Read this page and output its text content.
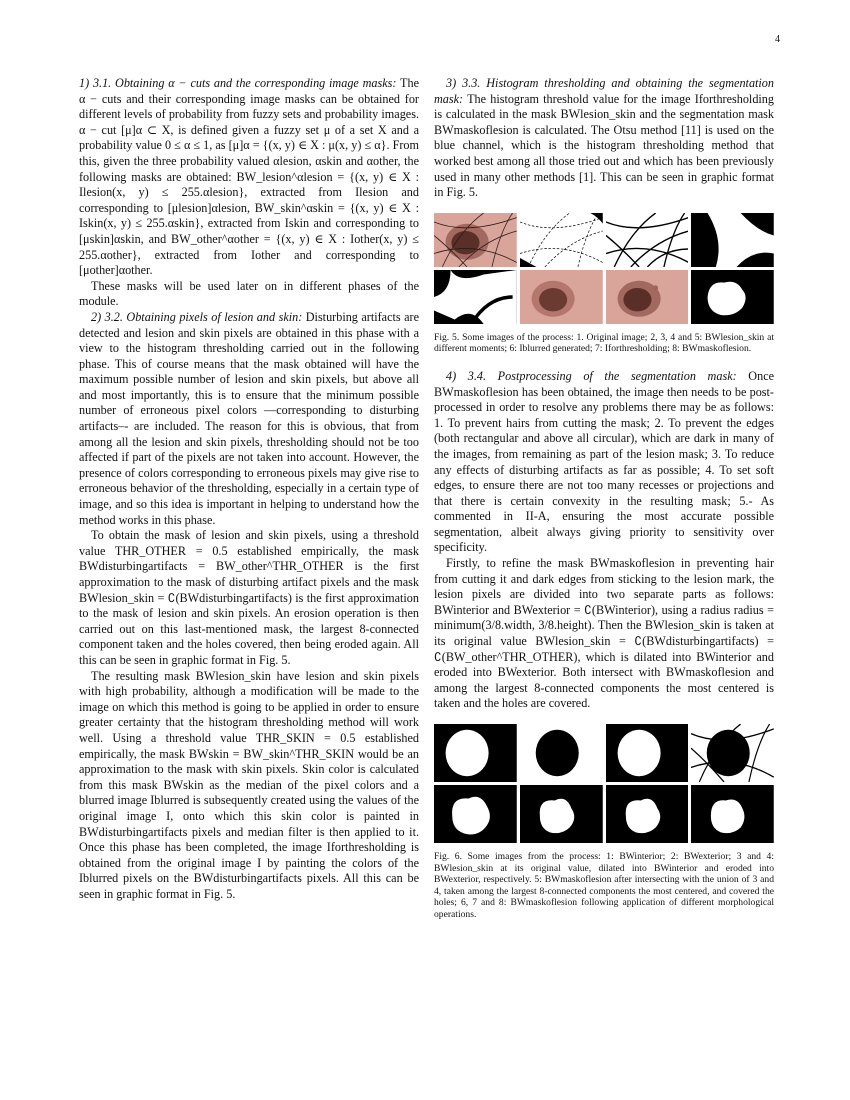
4

1) 3.1. Obtaining α − cuts and the corresponding image masks: The α − cuts and their corresponding image masks can be obtained for different levels of probability from fuzzy sets and probability images. α − cut [μ]α ⊂ X, is defined given a fuzzy set μ of a set X and a probability value 0 ≤ α ≤ 1, as [μ]α = {(x, y) ∈ X : μ(x, y) ≤ α}. From this, given the three probability valued αlesion, αskin and αother, the following masks are obtained: BW_lesion^αlesion = {(x, y) ∈ X : Ilesion(x, y) ≤ 255.αlesion}, extracted from Ilesion and corresponding to [μlesion]αlesion, BW_skin^αskin = {(x, y) ∈ X : Iskin(x, y) ≤ 255.αskin}, extracted from Iskin and corresponding to [μskin]αskin, and BW_other^αother = {(x, y) ∈ X : Iother(x, y) ≤ 255.αother}, extracted from Iother and corresponding to [μother]αother.

These masks will be used later on in different phases of the module.

2) 3.2. Obtaining pixels of lesion and skin: Disturbing artifacts are detected and lesion and skin pixels are obtained in this phase with a view to the histogram thresholding carried out in the following phase. This of course means that the mask obtained will have the maximum possible number of lesion and skin pixels, but above all and most importantly, this is to ensure that the minimum possible number of erroneous pixel colors —corresponding to disturbing artifacts–- are included. The reason for this is obvious, that from among all the lesion and skin pixels, thresholding should not be too affected if part of the pixels are not taken into account. However, the presence of colors corresponding to erroneous pixels may give rise to erroneous behavior of the thresholding, especially in a certain type of image, and so this idea is important in helping to understand how the method works in this phase.

To obtain the mask of lesion and skin pixels, using a threshold value THR_OTHER = 0.5 established empirically, the mask BWdisturbingartifacts = BW_other^THR_OTHER is the first approximation to the mask of disturbing artifact pixels and the mask BWlesion_skin = ∁(BWdisturbingartifacts) is the first approximation to the mask of lesion and skin pixels. An erosion operation is then carried out on this last-mentioned mask, the largest 8-connected component taken and the holes covered, then being eroded again. All this can be seen in graphic format in Fig. 5.

The resulting mask BWlesion_skin have lesion and skin pixels with high probability, although a modification will be made to the image on which this method is going to be applied in order to ensure greater certainty that the histogram thresholding method will work well. Using a threshold value THR_SKIN = 0.5 established empirically, the mask BWskin = BW_skin^THR_SKIN would be an approximation to the mask with skin pixels. Skin color is calculated from this mask BWskin as the median of the pixel colors and a blurred image Iblurred is subsequently created using the values of the original image I, onto which this skin color is painted in BWdisturbingartifacts pixels and median filter is then applied to it. Once this phase has been completed, the image Iforthresholding is obtained from the original image I by painting the colors of the Iblurred pixels on the BWdisturbingartifacts pixels. All this can be seen in graphic format in Fig. 5.

3) 3.3. Histogram thresholding and obtaining the segmentation mask: The histogram threshold value for the image Iforthresholding is calculated in the mask BWlesion_skin and the segmentation mask BWmaskoflesion is calculated. The Otsu method [11] is used on the blue channel, which is the histogram thresholding method that worked best among all those tried out and which has been previously used in many other methods [1]. This can be seen in graphic format in Fig. 5.

Fig. 5. Some images of the process: 1. Original image; 2, 3, 4 and 5: BWlesion_skin at different moments; 6: Iblurred generated; 7: Iforthresholding; 8: BWmaskoflesion.

4) 3.4. Postprocessing of the segmentation mask: Once BWmaskoflesion has been obtained, the image then needs to be post-processed in order to resolve any problems there may be as follows: 1. To prevent hairs from cutting the mask; 2. To prevent the edges (both rectangular and above all circular), which are dark in many of the images, from remaining as part of the lesion mask; 3. To reduce any effects of disturbing artifacts as far as possible; 4. To set soft edges, to ensure there are not too many recesses or projections and that there is certain convexity in the resulting mask; 5.- As commented in II-A, ensuring the most accurate possible segmentation, albeit always giving priority to sensitivity over specificity.

Firstly, to refine the mask BWmaskoflesion in preventing hair from cutting it and dark edges from sticking to the lesion mark, the lesion pixels are divided into two separate parts as follows: BWinterior and BWexterior = ∁(BWinterior), using a radius radius = minimum(3/8.width, 3/8.height). Then the BWlesion_skin is taken at its original value BWlesion_skin = ∁(BWdisturbingartifacts) = ∁(BW_other^THR_OTHER), which is dilated into BWinterior and eroded into BWexterior. Both intersect with BWmaskoflesion and among the largest 8-connected components the most centered is taken and the holes are covered.

Fig. 6. Some images from the process: 1: BWinterior; 2: BWexterior; 3 and 4: BWlesion_skin at its original value, dilated into BWinterior and eroded into BWexterior, respectively. 5: BWmaskoflesion after intersecting with the union of 3 and 4, taken among the largest 8-connected components the most centered, and covered the holes; 6, 7 and 8: BWmaskoflesion following application of different morphological operations.
